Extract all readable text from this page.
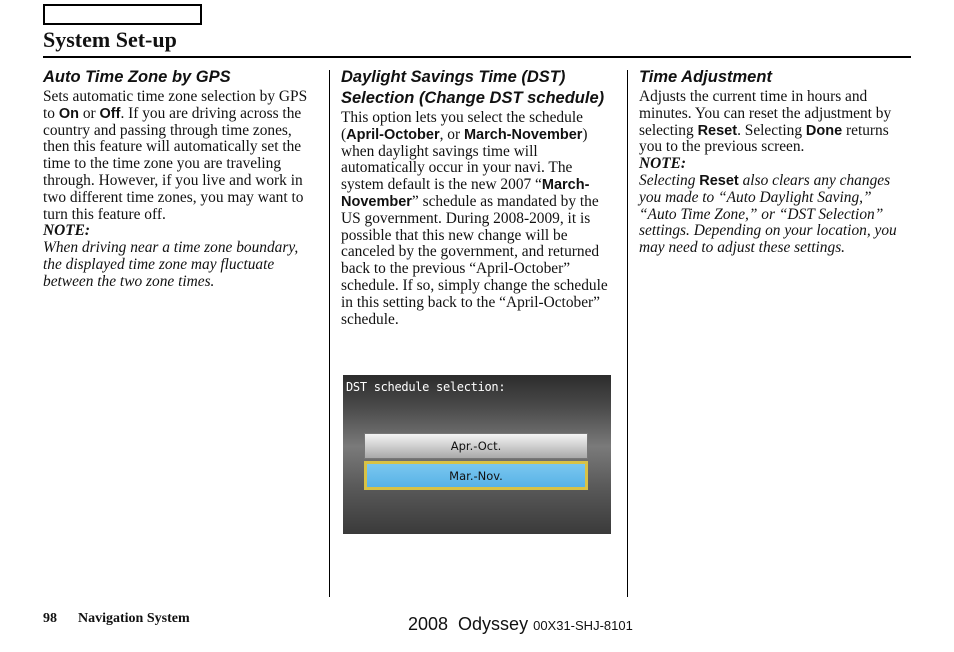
System Set-up
Auto Time Zone by GPS

Sets automatic time zone selection by GPS to On or Off. If you are driving across the country and passing through time zones, then this feature will automatically set the time to the time zone you are traveling through. However, if you live and work in two different time zones, you may want to turn this feature off.

NOTE:

When driving near a time zone boundary, the displayed time zone may fluctuate between the two zone times.

Daylight Savings Time (DST) Selection (Change DST schedule)

This option lets you select the schedule (April-October, or March-November) when daylight savings time will automatically occur in your navi. The system default is the new 2007 “March-November” schedule as mandated by the US government. During 2008-2009, it is possible that this new change will be canceled by the government, and returned back to the previous “April-October” schedule. If so, simply change the schedule in this setting back to the “April-October” schedule.

DST schedule selection:
Apr.-Oct.
Mar.-Nov.
Time Adjustment

Adjusts the current time in hours and minutes. You can reset the adjustment by selecting Reset. Selecting Done returns you to the previous screen.

NOTE:

Selecting Reset also clears any changes you made to “Auto Daylight Saving,” “Auto Time Zone,” or “DST Selection” settings. Depending on your location, you may need to adjust these settings.

98 Navigation System	2008  Odyssey 00X31-SHJ-8101
